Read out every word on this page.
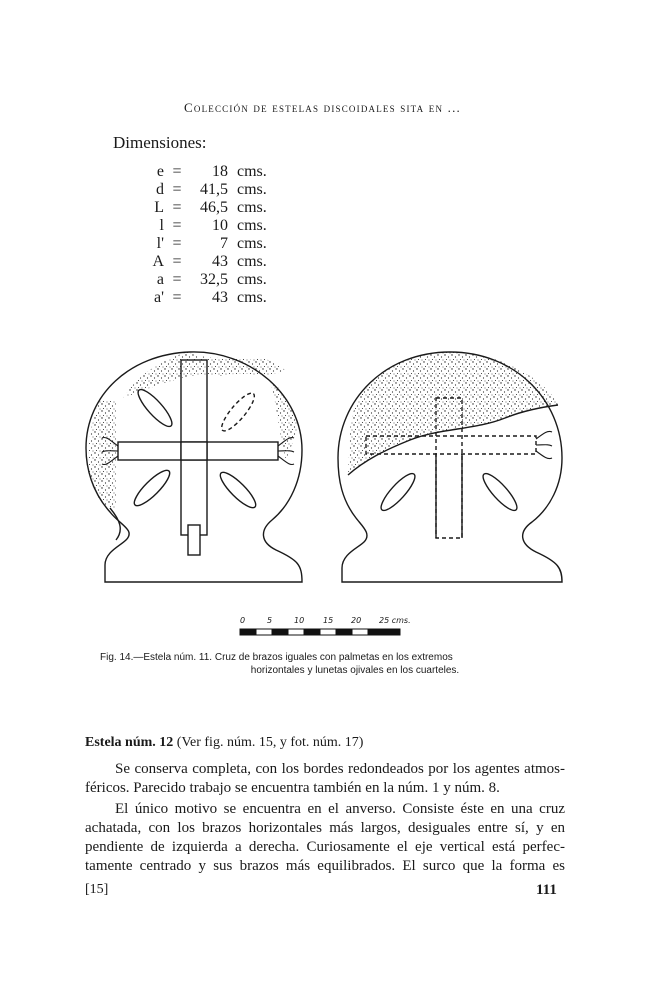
Colección de estelas discoidales sita en ...
Dimensiones:
e = 18 cms.
d = 41,5 cms.
L = 46,5 cms.
l = 10 cms.
l' = 7 cms.
A = 43 cms.
a = 32,5 cms.
a' = 43 cms.
0	5	10 15 20 25 cms.
Fig. 14.—Estela núm. 11. Cruz de brazos iguales con palmetas en los extremos
horizontales y lunetas ojivales en los cuarteles.
Estela núm. 12 (Ver fig. núm. 15, y fot. núm. 17)
Se conserva completa, con los bordes redondeados por los agentes atmos-
féricos. Parecido trabajo se encuentra también en la núm. 1 y núm. 8.
El único motivo se encuentra en el anverso. Consiste éste en una cruz
achatada, con los brazos horizontales más largos, desiguales entre sí, y en
pendiente de izquierda a derecha. Curiosamente el eje vertical está perfec-
tamente centrado y sus brazos más equilibrados. El surco que la forma es
[15]	111
